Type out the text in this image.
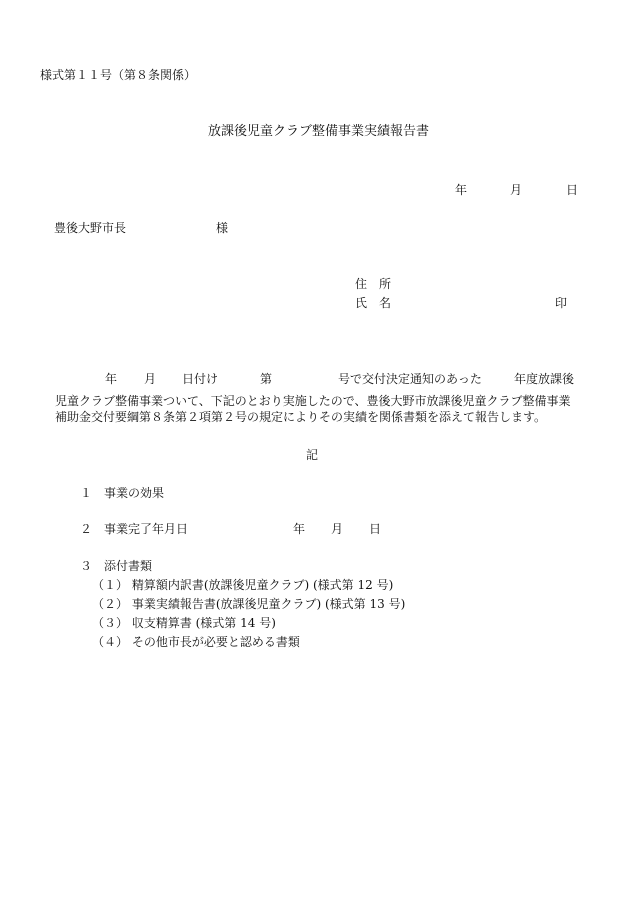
様式第１１号（第８条関係）
放課後児童クラブ整備事業実績報告書
年	月	日
豊後大野市長	様
住　所
氏　名	印
年 月 日付け	第	号で交付決定通知のあった	年度放課後
児童クラブ整備事業ついて、下記のとおり実施したので、豊後大野市放課後児童クラブ整備事業
補助金交付要綱第８条第２項第２号の規定によりその実績を関係書類を添えて報告します。
記
１ 事業の効果
２ 事業完了年月日	年 月 日
３ 添付書類
（１） 精算額内訳書(放課後児童クラブ) (様式第 12 号)
（２） 事業実績報告書(放課後児童クラブ) (様式第 13 号)
（３） 収支精算書 (様式第 14 号)
（４） その他市長が必要と認める書類
